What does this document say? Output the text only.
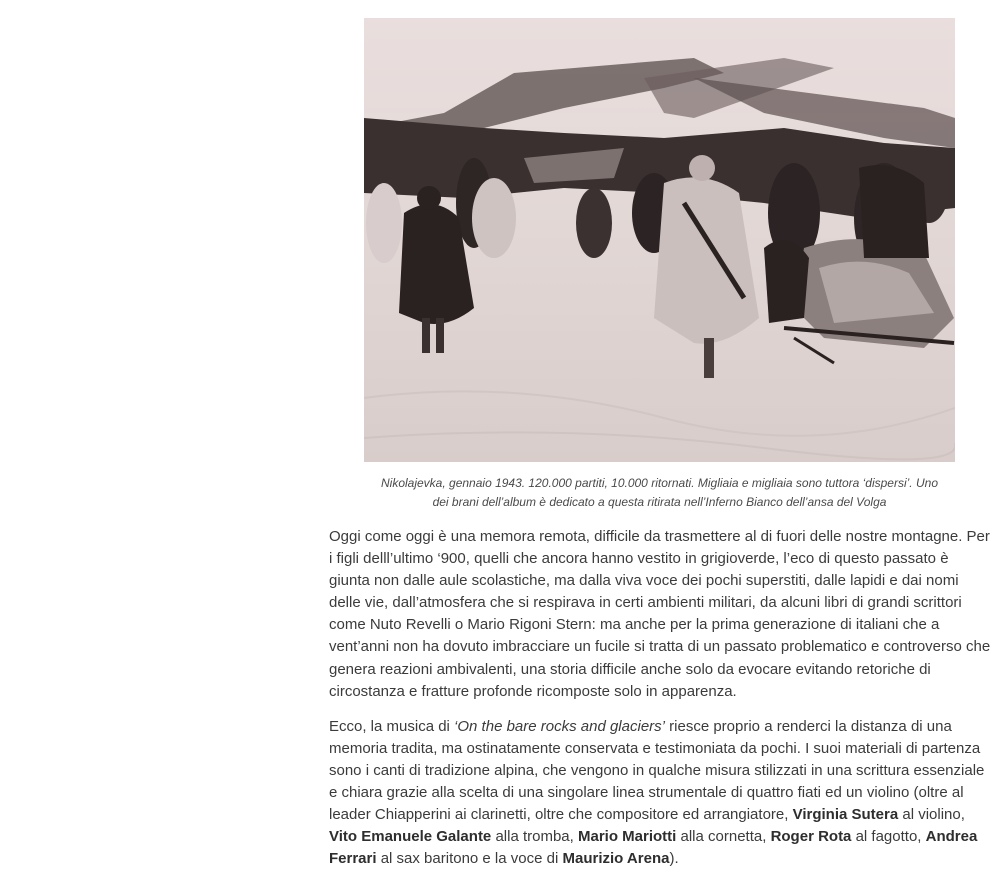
Nikolajevka, gennaio 1943. 120.000 partiti, 10.000 ritornati. Migliaia e migliaia sono tuttora ‘dispersi’. Uno
dei brani dell’album è dedicato a questa ritirata nell’Inferno Bianco dell’ansa del Volga

Oggi come oggi è una memora remota, difficile da trasmettere al di fuori delle nostre montagne. Per i figli delll’ultimo ‘900, quelli che ancora hanno vestito in grigioverde, l’eco di questo passato è giunta non dalle aule scolastiche, ma dalla viva voce dei pochi superstiti, dalle lapidi e dai nomi delle vie, dall’atmosfera che si respirava in certi ambienti militari, da alcuni libri di grandi scrittori come Nuto Revelli o Mario Rigoni Stern: ma anche per la prima generazione di italiani che a vent’anni non ha dovuto imbracciare un fucile si tratta di un passato problematico e controverso che genera reazioni ambivalenti, una storia difficile anche solo da evocare evitando retoriche di circostanza e fratture profonde ricomposte solo in apparenza.

Ecco, la musica di ‘On the bare rocks and glaciers’ riesce proprio a renderci la distanza di una memoria tradita, ma ostinatamente conservata e testimoniata da pochi. I suoi materiali di partenza sono i canti di tradizione alpina, che vengono in qualche misura stilizzati in una scrittura essenziale e chiara grazie alla scelta di una singolare linea strumentale di quattro fiati ed un violino (oltre al leader Chiapperini ai clarinetti, oltre che compositore ed arrangiatore, Virginia Sutera al violino, Vito Emanuele Galante alla tromba, Mario Mariotti alla cornetta, Roger Rota al fagotto, Andrea Ferrari al sax baritono e la voce di Maurizio Arena).
